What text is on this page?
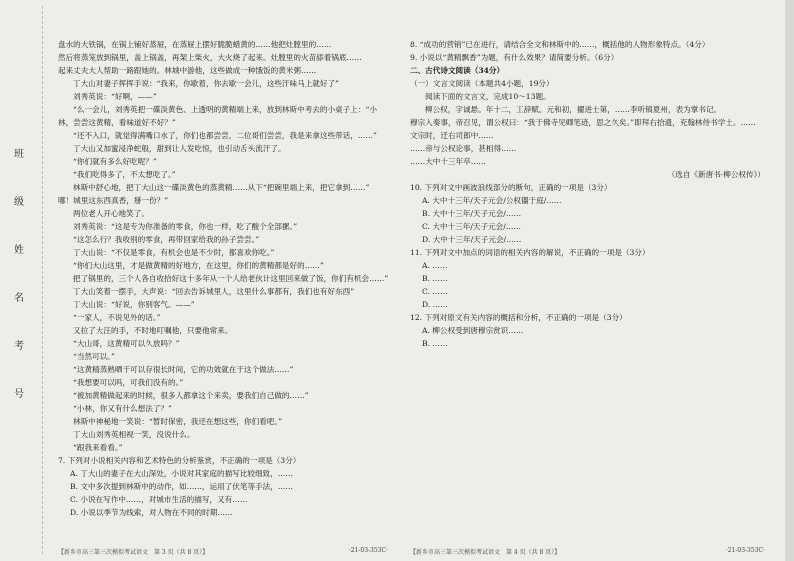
班
级
姓
名
考
号

盘水的大铁锅，在锅上铺好蒸屉，在蒸屉上摆好脆脆蜡黄的……他把灶膛里的……

然后将蒸笼放到锅里，盖上锅盖，再架上柴火，大火烧了起来。灶膛里的火苗舔着锅底……

起来丈夫大人帮助一路跟她的。林城中游他，这些做成一种饿饭的黄米粥……

丁大山对妻子挥挥手说：“我来，你歇着，你去歇一会儿，这些汗味马上就好了”

刘秀英说：“好啊，——”

“么一会儿，刘秀英把一碟淡黄色、上透明的黄精端上来，放到林斯中考去的小桌子上：“小

林，尝尝这黄精，看味道好不好？”

“还不入口，就觉得满嘴口水了，你们也都尝尝，二位哥们尝尝，我是来拿这些带话，……”

丁大山又加蜜浸净蛇般，甜到让人发吃惊，也引动舌头流汗了。

“你们就有多么好吃呢？”

“我们吃得多了，不太想吃了。”

林斯中舒心地，把丁大山这一碟淡黄色的蒸黄精……从下“把碗里端上来，把它拿到……”

哪！城里这东西真香，掰一份？”

两位老人开心地笑了。

刘秀英说：“这是专为你准备的零食，你也一样，吃了酸个全部摞。”

“这怎么行？我收别的零食，再带回家给我的孙子尝尝。”

丁大山说：“不仅是零食，有机会也是不少时，都喜欢你吃。”

“你们大山这里，才是做黄精的好地方，在这里，你们的黄精都是好的……”

把了锅里的，三个人各自收拾好这十多年从一个人给老伙计这里回来做了饭，你们有机会……”

丁大山笑着一摆手，大声说：“回去告诉城里人，这里什么事都有，我们也有好东西”

丁大山说：“好说，你别客气。——”

“一家人，不说见外的话。”

又拉了大汪的手，不时地叮嘱他，只要他常来。

“大山哥，这黄精可以久放吗？”

“当然可以。”

“这黄精蒸熟晒干可以存很长时间，它的功效就在于这个做法……”

“我想要可以吗，可我们没有的。”

“被加黄精做起来的时候，很多人都拿这个来卖，要我们自己做的……”

“小林，你又有什么想法了？”

林斯中神秘地一笑说：“暂时保密，我还在想这些，你们看吧。”

丁大山刘秀英相视一笑，没说什么。

“跟我来看看。”

7. 下列对小说相关内容和艺术特色的分析鉴赏，不正确的一项是（3分）

A. 丁大山的妻子在大山深处，小说对其家庭的描写比较细致，……

B. 文中多次提到林斯中的动作，如……，运用了伏笔等手法，……

C. 小说在写作中……，对城市生活的描写，又有……

D. 小说以季节为线索，对人物在不同的时期……

8. “成功的营销”已在进行，请结合全文和林斯中的……，概括他的人物形象特点。（4分）

9. 小说以“黄精飘香”为题，有什么效果？请简要分析。（6分）

二、古代诗文阅读（34分）

（一）文言文阅读（本题共4小题，19分）

阅读下面的文言文，完成10～13题。

柳公权，字诚悬。年十二，工辞赋。元和初，擢进士第，……李听镇夏州，表为掌书记。

穆宗入奏事，帝召见，谓公权曰：“我于佛寺见卿笔迹，思之久矣。”即拜右拾遗，充翰林侍书学士。……

文宗时，迁右司郎中……

……帝与公权论事，甚相得……

……大中十三年卒……

（选自《新唐书·柳公权传》）

10. 下列对文中画波浪线部分的断句，正确的一项是（3分）

A. 大中十三年/天子元会/公权僵于庭/……

B. 大中十三年/天子元会/……

C. 大中十三年/天子元会/……

D. 大中十三年/天子元会/……

11. 下列对文中加点的词语的相关内容的解说，不正确的一项是（3分）

A. ……

B. ……

C. ……

D. ……

12. 下列对原文有关内容的概括和分析，不正确的一项是（3分）

A. 柳公权受到唐穆宗赏识……

B. ……

【新乡市高三第三次模拟考试语文　第 3 页（共 8 页）】	·21-03-353C·	【新乡市高三第三次模拟考试语文　第 4 页（共 8 页）】	·21-03-353C·
